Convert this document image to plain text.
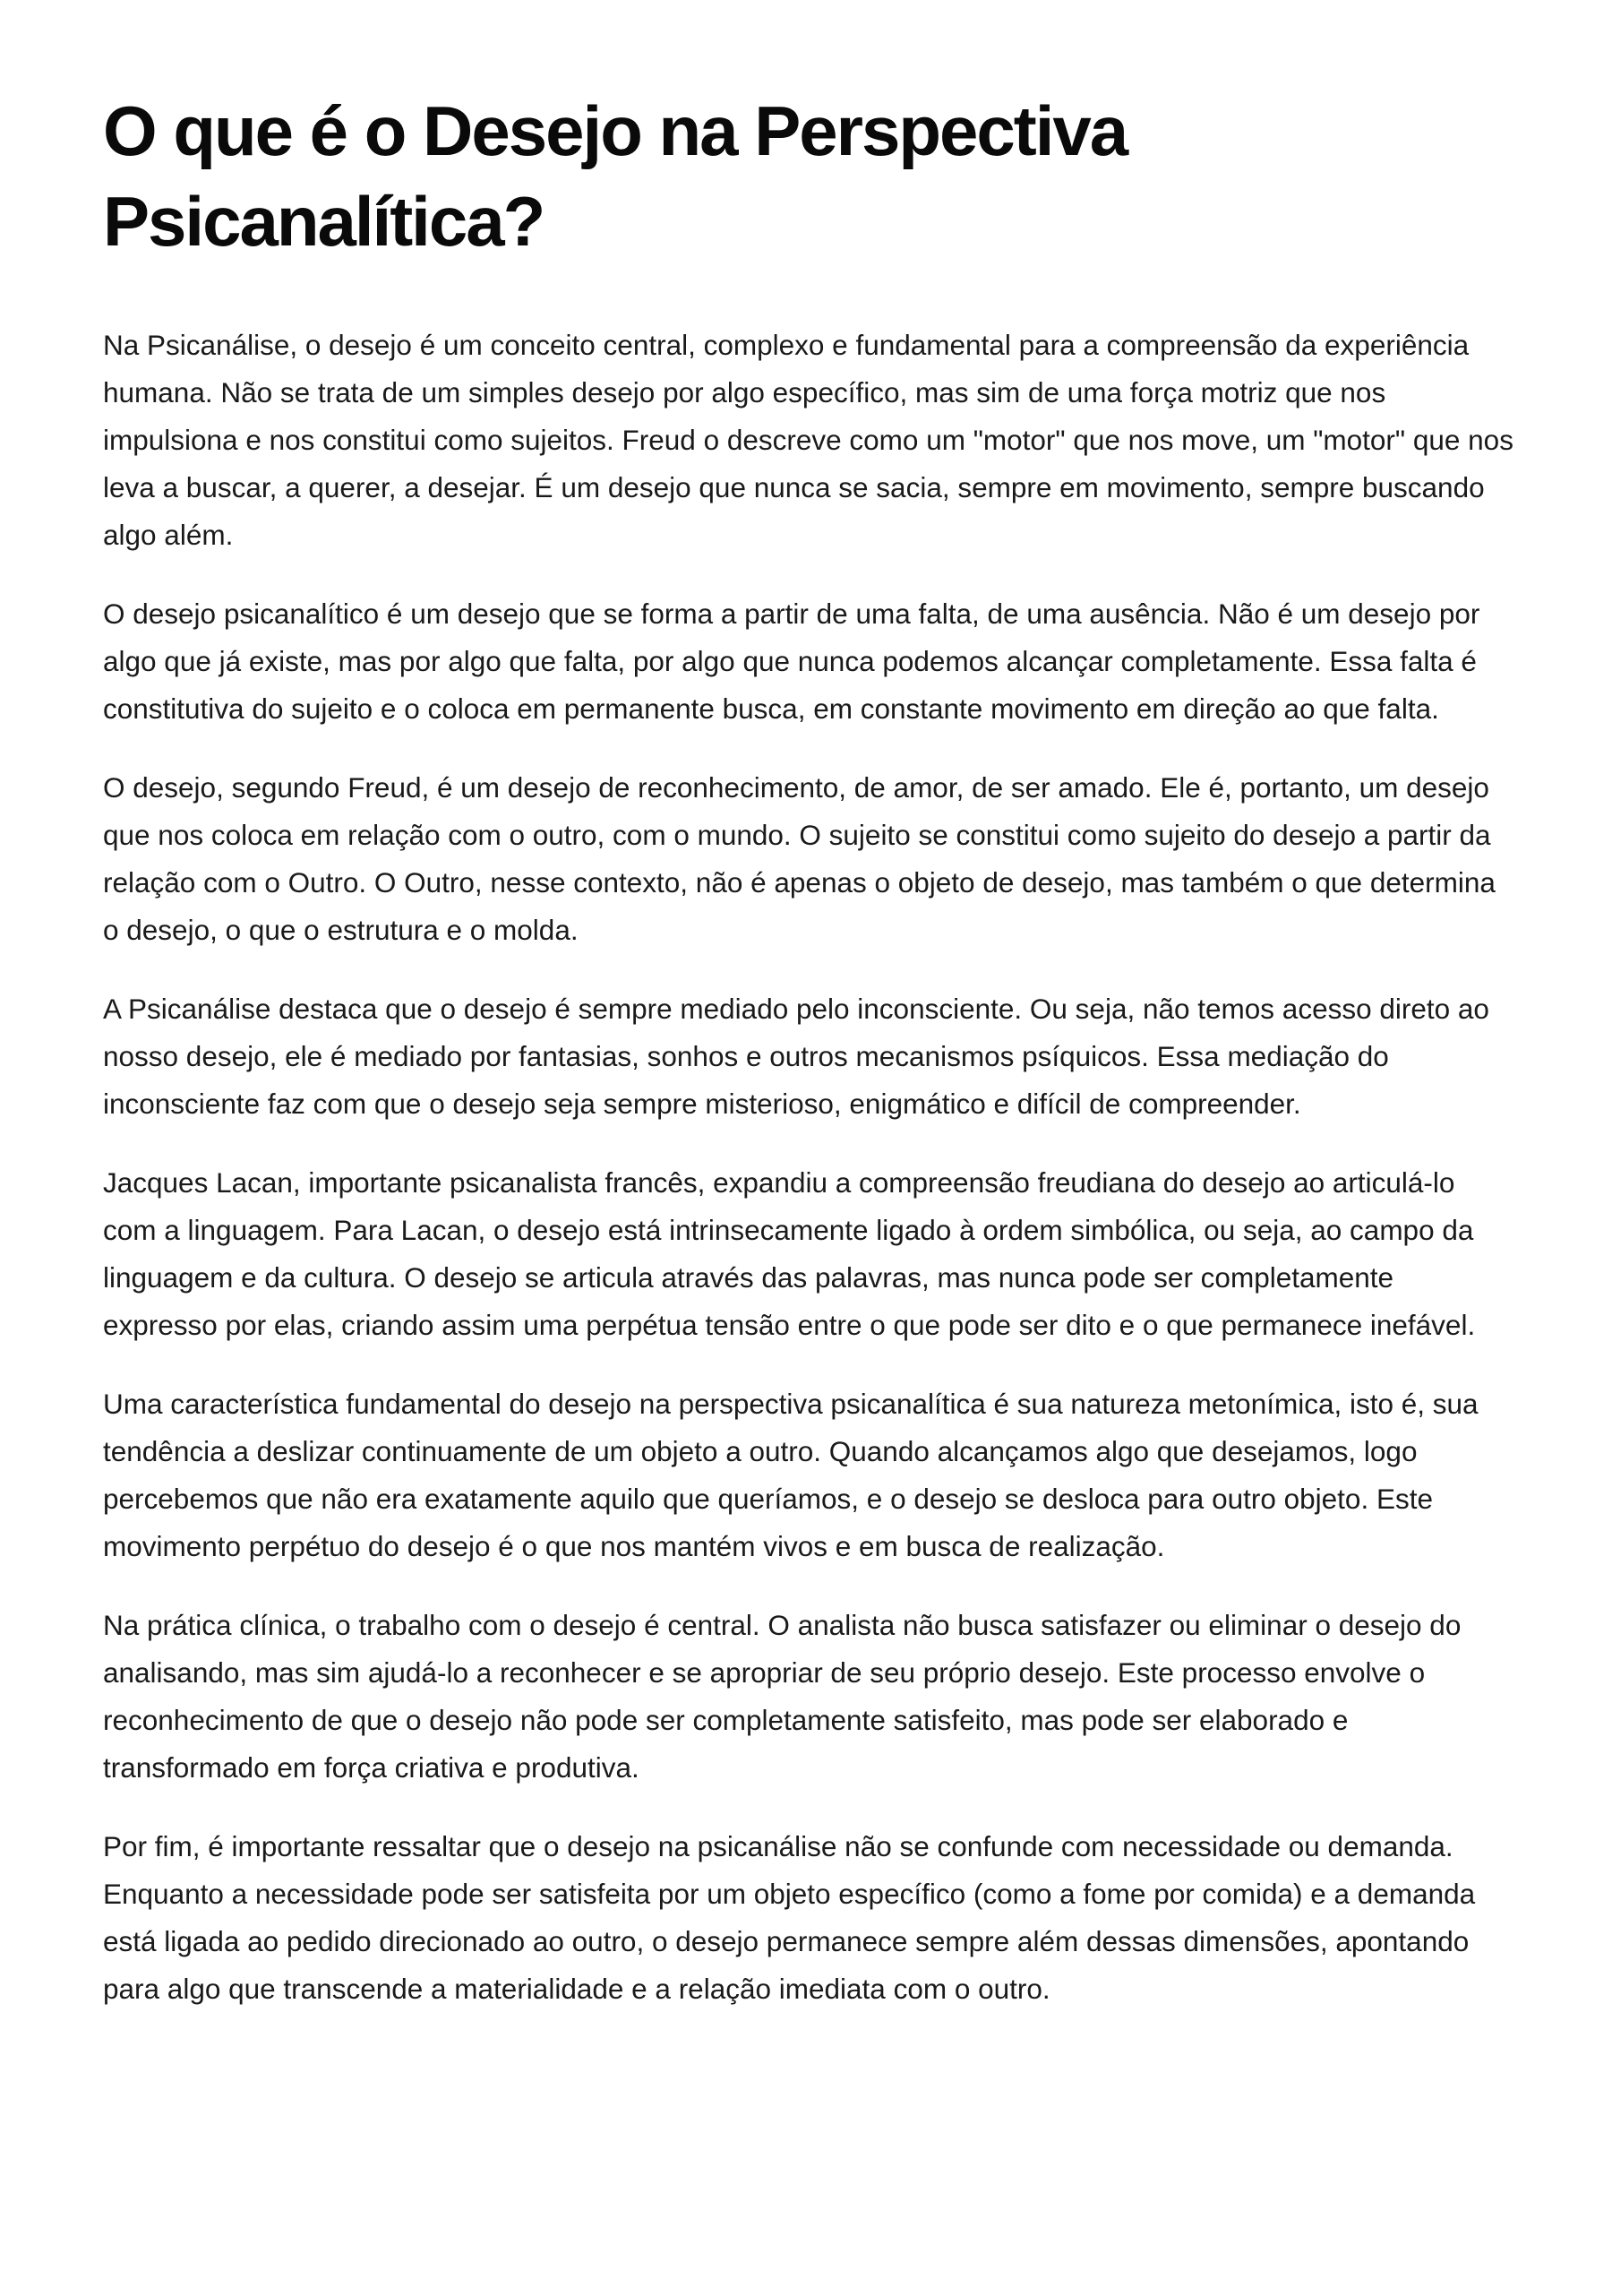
O que é o Desejo na Perspectiva Psicanalítica?

Na Psicanálise, o desejo é um conceito central, complexo e fundamental para a compreensão da experiência humana. Não se trata de um simples desejo por algo específico, mas sim de uma força motriz que nos impulsiona e nos constitui como sujeitos. Freud o descreve como um "motor" que nos move, um "motor" que nos leva a buscar, a querer, a desejar. É um desejo que nunca se sacia, sempre em movimento, sempre buscando algo além.

O desejo psicanalítico é um desejo que se forma a partir de uma falta, de uma ausência. Não é um desejo por algo que já existe, mas por algo que falta, por algo que nunca podemos alcançar completamente. Essa falta é constitutiva do sujeito e o coloca em permanente busca, em constante movimento em direção ao que falta.

O desejo, segundo Freud, é um desejo de reconhecimento, de amor, de ser amado. Ele é, portanto, um desejo que nos coloca em relação com o outro, com o mundo. O sujeito se constitui como sujeito do desejo a partir da relação com o Outro. O Outro, nesse contexto, não é apenas o objeto de desejo, mas também o que determina o desejo, o que o estrutura e o molda.

A Psicanálise destaca que o desejo é sempre mediado pelo inconsciente. Ou seja, não temos acesso direto ao nosso desejo, ele é mediado por fantasias, sonhos e outros mecanismos psíquicos. Essa mediação do inconsciente faz com que o desejo seja sempre misterioso, enigmático e difícil de compreender.

Jacques Lacan, importante psicanalista francês, expandiu a compreensão freudiana do desejo ao articulá-lo com a linguagem. Para Lacan, o desejo está intrinsecamente ligado à ordem simbólica, ou seja, ao campo da linguagem e da cultura. O desejo se articula através das palavras, mas nunca pode ser completamente expresso por elas, criando assim uma perpétua tensão entre o que pode ser dito e o que permanece inefável.

Uma característica fundamental do desejo na perspectiva psicanalítica é sua natureza metonímica, isto é, sua tendência a deslizar continuamente de um objeto a outro. Quando alcançamos algo que desejamos, logo percebemos que não era exatamente aquilo que queríamos, e o desejo se desloca para outro objeto. Este movimento perpétuo do desejo é o que nos mantém vivos e em busca de realização.

Na prática clínica, o trabalho com o desejo é central. O analista não busca satisfazer ou eliminar o desejo do analisando, mas sim ajudá-lo a reconhecer e se apropriar de seu próprio desejo. Este processo envolve o reconhecimento de que o desejo não pode ser completamente satisfeito, mas pode ser elaborado e transformado em força criativa e produtiva.

Por fim, é importante ressaltar que o desejo na psicanálise não se confunde com necessidade ou demanda. Enquanto a necessidade pode ser satisfeita por um objeto específico (como a fome por comida) e a demanda está ligada ao pedido direcionado ao outro, o desejo permanece sempre além dessas dimensões, apontando para algo que transcende a materialidade e a relação imediata com o outro.
